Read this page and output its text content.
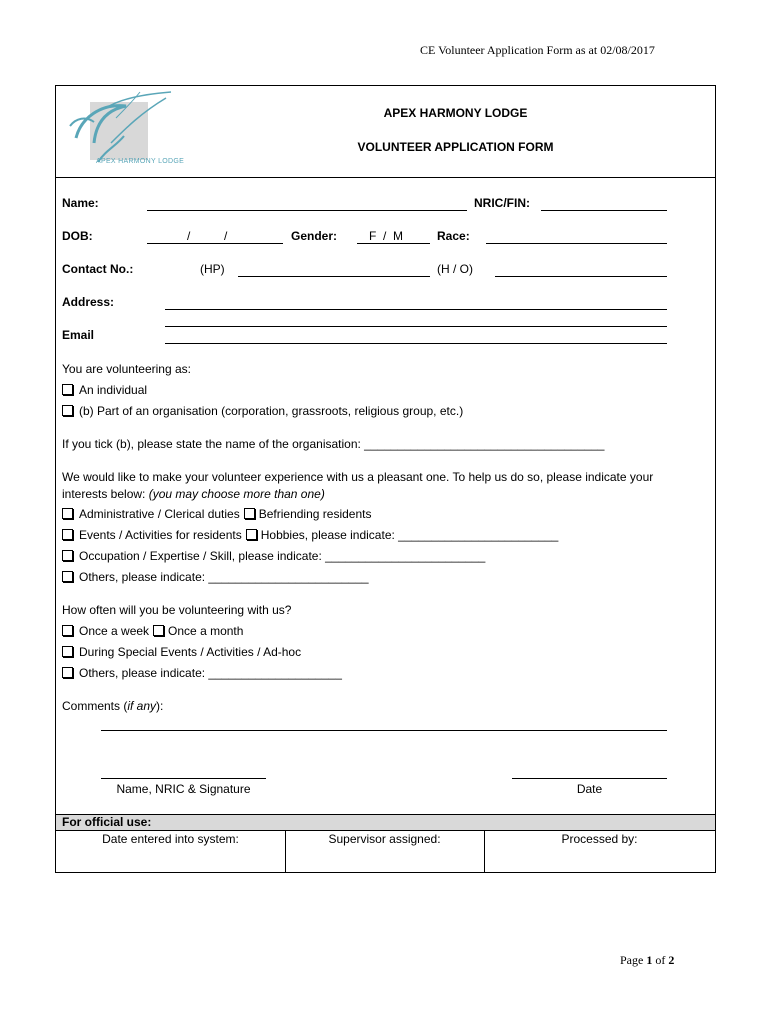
CE Volunteer Application Form as at 02/08/2017
APEX HARMONY LODGE
APEX HARMONY LODGE
VOLUNTEER APPLICATION FORM
Name:	NRIC/FIN:
DOB:	/	/	Gender:	F  /  M	Race:
Contact No.:	(HP)	(H / O)
Address:
Email
You are volunteering as:
An individual
(b) Part of an organisation (corporation, grassroots, religious group, etc.)
If you tick (b), please state the name of the organisation: ____________________________________
We would like to make your volunteer experience with us a pleasant one. To help us do so, please indicate your
interests below: (you may choose more than one)
Administrative / Clerical duties Befriending residents
Events / Activities for residents Hobbies, please indicate: ________________________
Occupation / Expertise / Skill, please indicate: ________________________
Others, please indicate: ________________________
How often will you be volunteering with us?
Once a week Once a month
During Special Events / Activities / Ad-hoc
Others, please indicate: ____________________
Comments (if any):
Name, NRIC & Signature	Date
For official use:
Date entered into system:	Supervisor assigned:	Processed by:
Page 1 of 2
